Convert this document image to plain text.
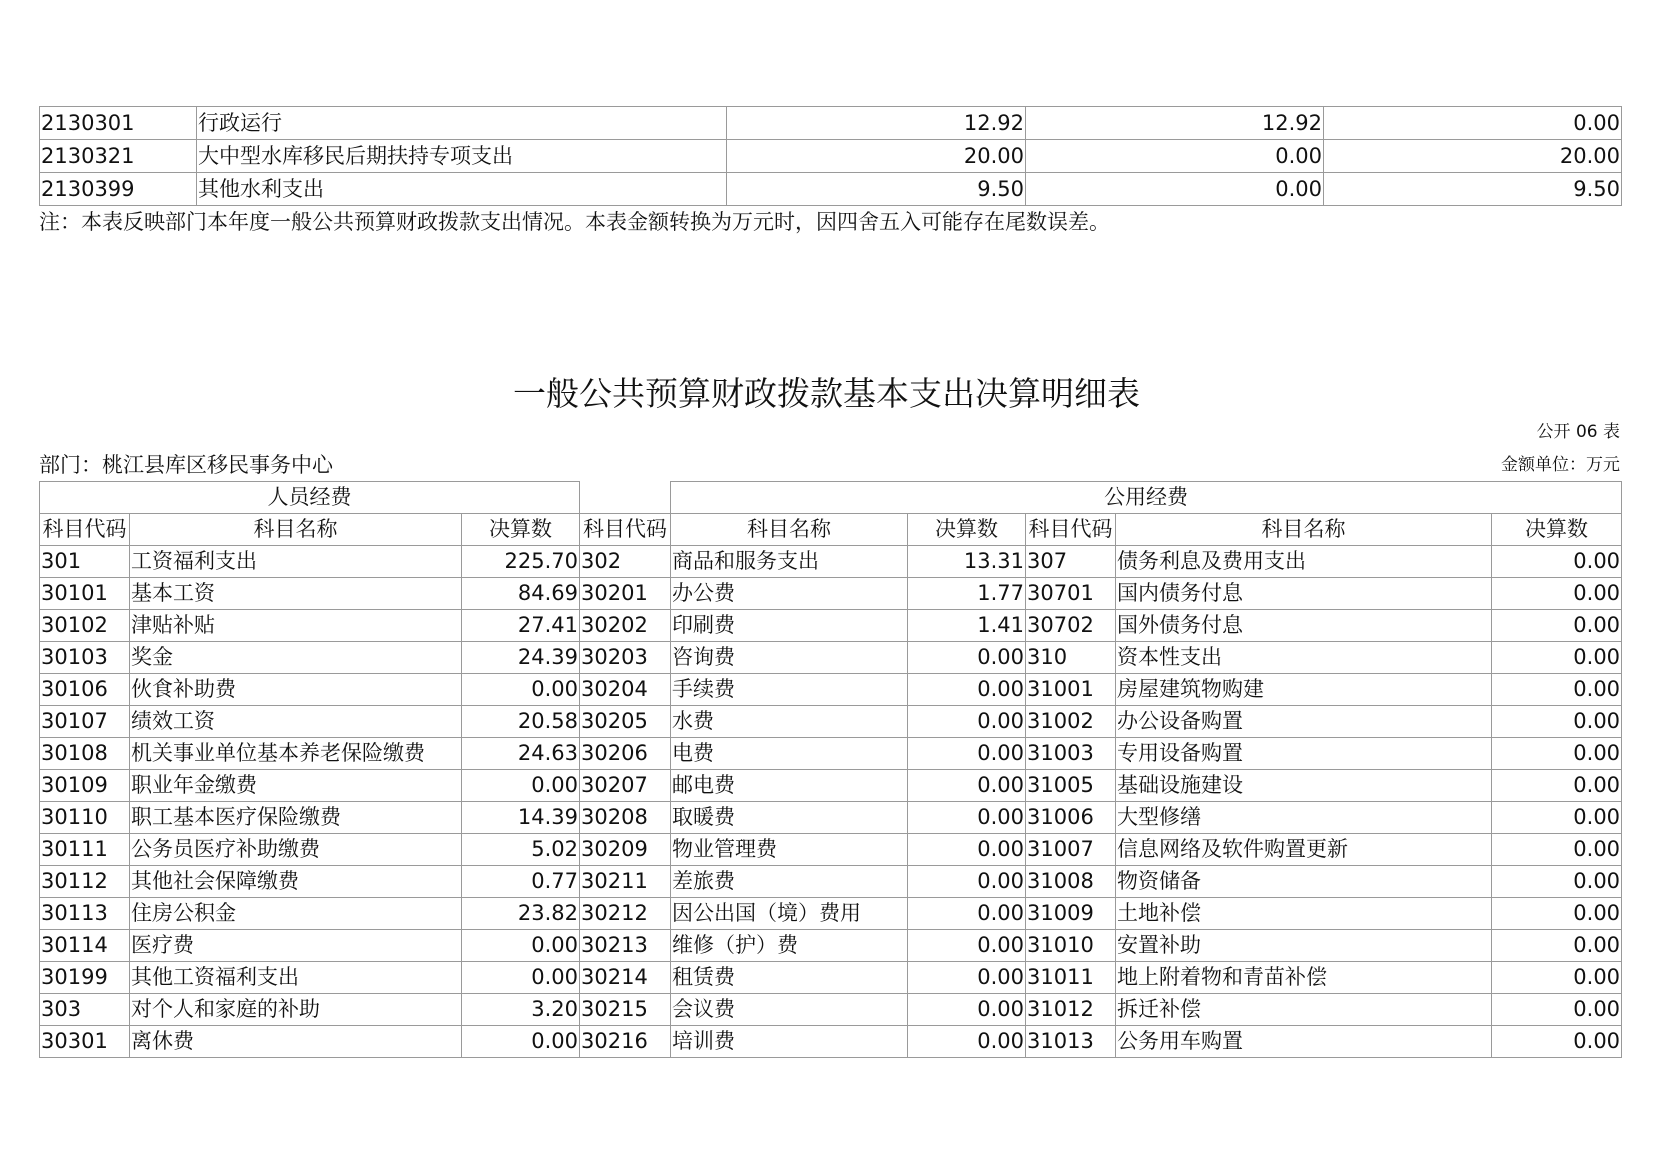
2130301	行政运行	12.92	12.92	0.00
2130321	大中型水库移民后期扶持专项支出	20.00	0.00	20.00
2130399	其他水利支出	9.50	0.00	9.50
注：本表反映部门本年度一般公共预算财政拨款支出情况。本表金额转换为万元时，因四舍五入可能存在尾数误差。
一般公共预算财政拨款基本支出决算明细表
公开 06 表
部门：桃江县库区移民事务中心	金额单位：万元
人员经费				公用经费				
科目代码	科目名称	决算数	科目代码	科目名称	决算数	科目代码	科目名称	决算数
301	工资福利支出	225.70	302	商品和服务支出	13.31	307	债务利息及费用支出	0.00
30101	基本工资	84.69	30201	办公费	1.77	30701	国内债务付息	0.00
30102	津贴补贴	27.41	30202	印刷费	1.41	30702	国外债务付息	0.00
30103	奖金	24.39	30203	咨询费	0.00	310	资本性支出	0.00
30106	伙食补助费	0.00	30204	手续费	0.00	31001	房屋建筑物购建	0.00
30107	绩效工资	20.58	30205	水费	0.00	31002	办公设备购置	0.00
30108	机关事业单位基本养老保险缴费	24.63	30206	电费	0.00	31003	专用设备购置	0.00
30109	职业年金缴费	0.00	30207	邮电费	0.00	31005	基础设施建设	0.00
30110	职工基本医疗保险缴费	14.39	30208	取暖费	0.00	31006	大型修缮	0.00
30111	公务员医疗补助缴费	5.02	30209	物业管理费	0.00	31007	信息网络及软件购置更新	0.00
30112	其他社会保障缴费	0.77	30211	差旅费	0.00	31008	物资储备	0.00
30113	住房公积金	23.82	30212	因公出国（境）费用	0.00	31009	土地补偿	0.00
30114	医疗费	0.00	30213	维修（护）费	0.00	31010	安置补助	0.00
30199	其他工资福利支出	0.00	30214	租赁费	0.00	31011	地上附着物和青苗补偿	0.00
303	对个人和家庭的补助	3.20	30215	会议费	0.00	31012	拆迁补偿	0.00
30301	离休费	0.00	30216	培训费	0.00	31013	公务用车购置	0.00
